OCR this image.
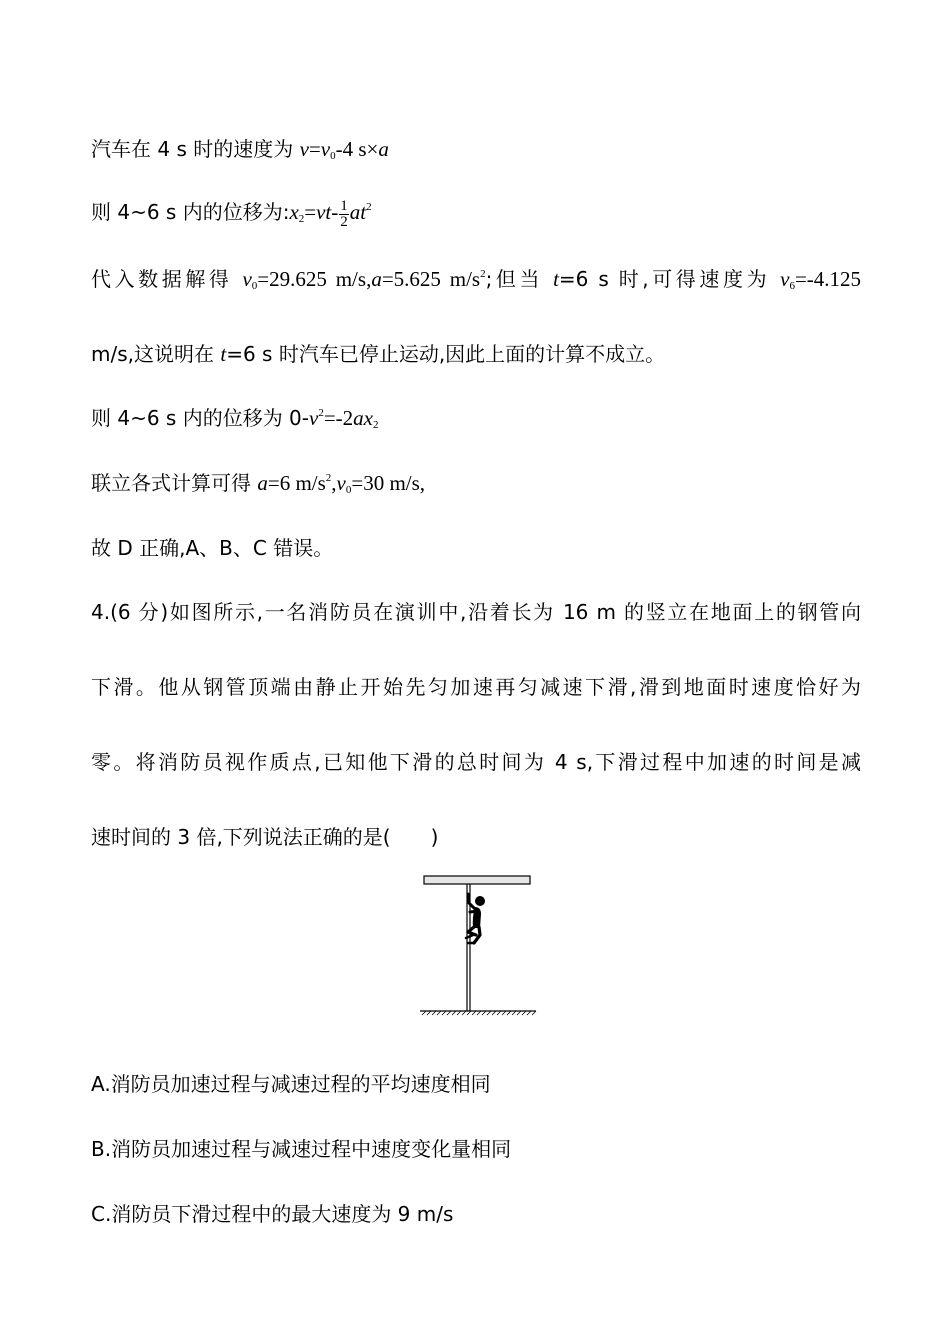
汽车在 4 s 时的速度为 $v=v_0-4$ s×a
则 4~6 s 内的位移为$:x_2=vt- \frac{1}{2} at^2$
代入数据解得 $v_0=29.625$ m/s,a=5.625 $m/s^2$;但当 t=6 s 时,可得速度为 $v_6=-4.125$
m/s,这说明在 t=6 s 时汽车已停止运动,因此上面的计算不成立。
则 4~6 s 内的位移为 $0-v^2=-2ax_2$
联立各式计算可得 a=6 $m/s^2,v_0=30$ m/s,
故 D 正确,A、B、C 错误。
4.(6 分)如图所示,一名消防员在演训中,沿着长为 16 m 的竖立在地面上的钢管向
下滑。他从钢管顶端由静止开始先匀加速再匀减速下滑,滑到地面时速度恰好为
零。将消防员视作质点,已知他下滑的总时间为 4 s,下滑过程中加速的时间是减
速时间的 3 倍,下列说法正确的是(　　)
A.消防员加速过程与减速过程的平均速度相同
B.消防员加速过程与减速过程中速度变化量相同
C.消防员下滑过程中的最大速度为 9 m/s
